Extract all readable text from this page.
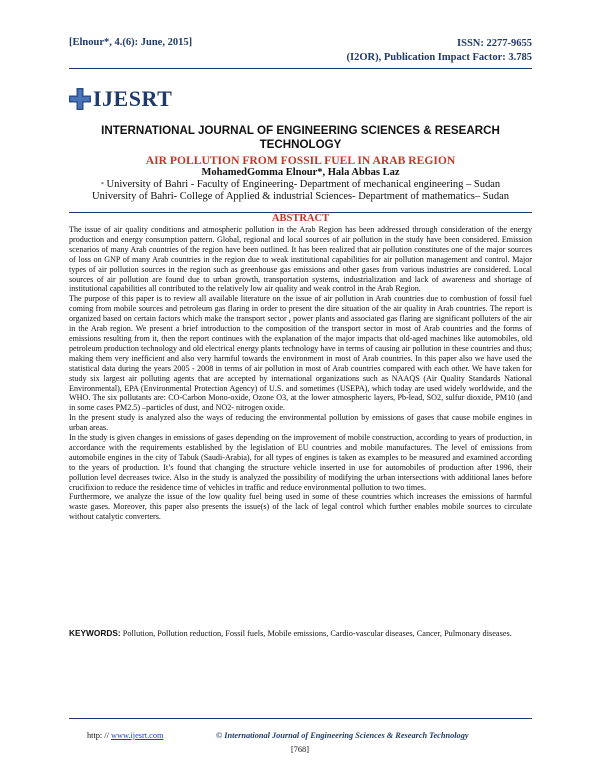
[Elnour*, 4.(6): June, 2015]	ISSN: 2277-9655
(I2OR), Publication Impact Factor: 3.785
IJESRT
INTERNATIONAL JOURNAL OF ENGINEERING SCIENCES & RESEARCH TECHNOLOGY
AIR POLLUTION FROM FOSSIL FUEL IN ARAB REGION
MohamedGomma Elnour*, Hala Abbas Laz
* University of Bahri - Faculty of Engineering- Department of mechanical engineering – Sudan
University of Bahri- College of Applied & industrial Sciences- Department of mathematics– Sudan
ABSTRACT

The issue of air quality conditions and atmospheric pollution in the Arab Region has been addressed through consideration of the energy production and energy consumption pattern. Global, regional and local sources of air pollution in the study have been considered. Emission scenarios of many Arab countries of the region have been outlined. It has been realized that air pollution constitutes one of the major sources of loss on GNP of many Arab countries in the region due to weak institutional capabilities for air pollution management and control. Major types of air pollution sources in the region such as greenhouse gas emissions and other gases from various industries are considered. Local sources of air pollution are found due to urban growth, transportation systems, industrialization and lack of awareness and shortage of institutional capabilities all contributed to the relatively low air quality and weak control in the Arab Region.

The purpose of this paper is to review all available literature on the issue of air pollution in Arab countries due to combustion of fossil fuel coming from mobile sources and petroleum gas flaring in order to present the dire situation of the air quality in Arab countries. The report is organized based on certain factors which make the transport sector , power plants and associated gas flaring are significant polluters of the air in the Arab region. We present a brief introduction to the composition of the transport sector in most of Arab countries and the forms of emissions resulting from it, then the report continues with the explanation of the major impacts that old-aged machines like automobiles, old petroleum production technology and old electrical energy plants technology have in terms of causing air pollution in these countries and thus; making them very inefficient and also very harmful towards the environment in most of Arab countries. In this paper also we have used the statistical data during the years 2005 - 2008 in terms of air pollution in most of Arab countries compared with each other. We have taken for study six largest air polluting agents that are accepted by international organizations such as NAAQS (Air Quality Standards National Environmental), EPA (Environmental Protection Agency) of U.S. and sometimes (USEPA), which today are used widely worldwide, and the WHO. The six pollutants are: CO-Carbon Mono-oxide, Ozone O3, at the lower atmospheric layers, Pb-lead, SO2, sulfur dioxide, PM10 (and in some cases PM2.5) –particles of dust, and NO2- nitrogen oxide.

In the present study is analyzed also the ways of reducing the environmental pollution by emissions of gases that cause mobile engines in urban areas.

In the study is given changes in emissions of gases depending on the improvement of mobile construction, according to years of production, in accordance with the requirements established by the legislation of EU countries and mobile manufactures. The level of emissions from automobile engines in the city of Tabuk (Saudi-Arabia), for all types of engines is taken as examples to be measured and examined according to the years of production. It’s found that changing the structure vehicle inserted in use for automobiles of production after 1996, their pollution level decreases twice. Also in the study is analyzed the possibility of modifying the urban intersections with additional lanes before crucifixion to reduce the residence time of vehicles in traffic and reduce environmental pollution to two times.

Furthermore, we analyze the issue of the low quality fuel being used in some of these countries which increases the emissions of harmful waste gases. Moreover, this paper also presents the issue(s) of the lack of legal control which further enables mobile sources to circulate without catalytic converters.

KEYWORDS: Pollution, Pollution reduction, Fossil fuels, Mobile emissions, Cardio-vascular diseases, Cancer, Pulmonary diseases.
http: // www.ijesrt.com	© International Journal of Engineering Sciences & Research Technology
[768]
